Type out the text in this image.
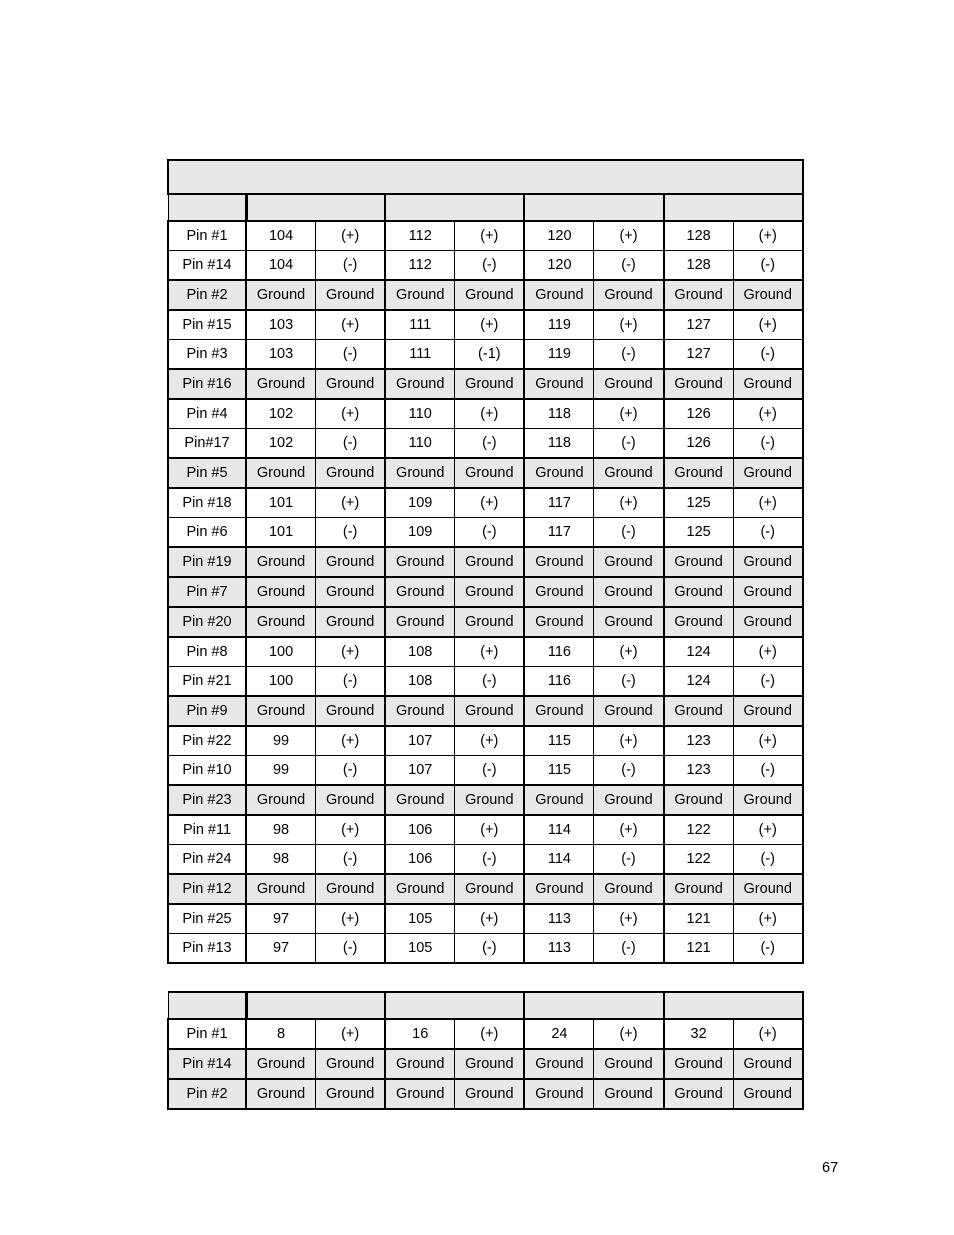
Pin #1	104	(+)	112	(+)	120	(+)	128	(+)
Pin #14	104	(-)	112	(-)	120	(-)	128	(-)
Pin #2	Ground	Ground	Ground	Ground	Ground	Ground	Ground	Ground
Pin #15	103	(+)	111	(+)	119	(+)	127	(+)
Pin #3	103	(-)	111	(-1)	119	(-)	127	(-)
Pin #16	Ground	Ground	Ground	Ground	Ground	Ground	Ground	Ground
Pin #4	102	(+)	110	(+)	118	(+)	126	(+)
Pin#17	102	(-)	110	(-)	118	(-)	126	(-)
Pin #5	Ground	Ground	Ground	Ground	Ground	Ground	Ground	Ground
Pin #18	101	(+)	109	(+)	117	(+)	125	(+)
Pin #6	101	(-)	109	(-)	117	(-)	125	(-)
Pin #19	Ground	Ground	Ground	Ground	Ground	Ground	Ground	Ground
Pin #7	Ground	Ground	Ground	Ground	Ground	Ground	Ground	Ground
Pin #20	Ground	Ground	Ground	Ground	Ground	Ground	Ground	Ground
Pin #8	100	(+)	108	(+)	116	(+)	124	(+)
Pin #21	100	(-)	108	(-)	116	(-)	124	(-)
Pin #9	Ground	Ground	Ground	Ground	Ground	Ground	Ground	Ground
Pin #22	99	(+)	107	(+)	115	(+)	123	(+)
Pin #10	99	(-)	107	(-)	115	(-)	123	(-)
Pin #23	Ground	Ground	Ground	Ground	Ground	Ground	Ground	Ground
Pin #11	98	(+)	106	(+)	114	(+)	122	(+)
Pin #24	98	(-)	106	(-)	114	(-)	122	(-)
Pin #12	Ground	Ground	Ground	Ground	Ground	Ground	Ground	Ground
Pin #25	97	(+)	105	(+)	113	(+)	121	(+)
Pin #13	97	(-)	105	(-)	113	(-)	121	(-)

Pin #1	8	(+)	16	(+)	24	(+)	32	(+)
Pin #14	Ground	Ground	Ground	Ground	Ground	Ground	Ground	Ground
Pin #2	Ground	Ground	Ground	Ground	Ground	Ground	Ground	Ground
67
